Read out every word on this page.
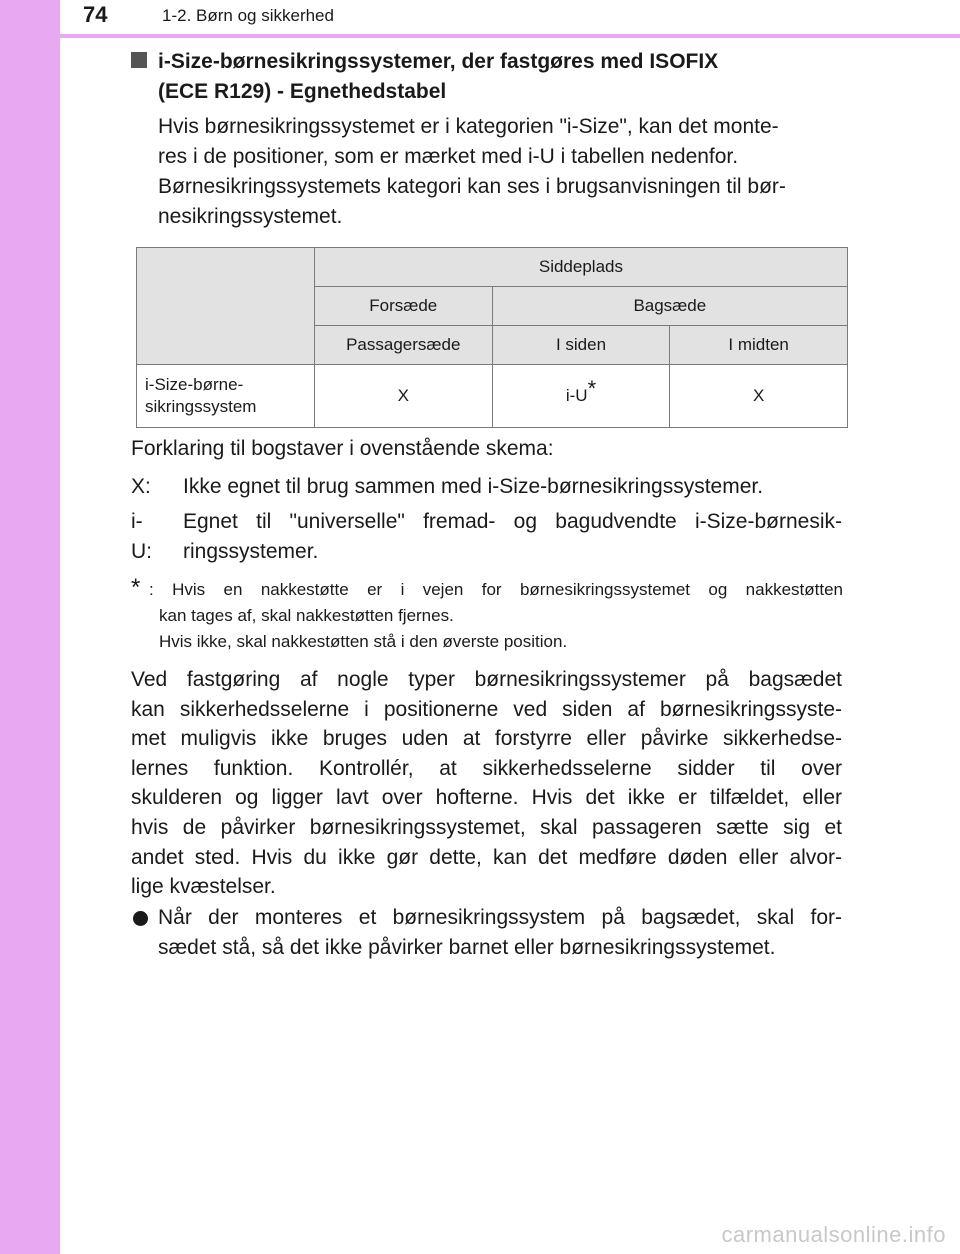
74	1-2. Børn og sikkerhed
i-Size-børnesikringssystemer, der fastgøres med ISOFIX
(ECE R129) - Egnethedstabel
Hvis børnesikringssystemet er i kategorien "i-Size", kan det monte-
res i de positioner, som er mærket med i-U i tabellen nedenfor.
Børnesikringssystemets kategori kan ses i brugsanvisningen til bør-
nesikringssystemet.
	Siddeplads		
	Forsæde	Bagsæde	
	Passagersæde	I siden	I midten

i-Size-børne-
sikringssystem	X	i-U*	X
Forklaring til bogstaver i ovenstående skema:
X: Ikke egnet til brug sammen med i-Size-børnesikringssystemer.
i-U:
Egnet til "universelle" fremad- og bagudvendte i-Size-børnesik-
ringssystemer.
* : Hvis en nakkestøtte er i vejen for børnesikringssystemet og nakkestøtten
kan tages af, skal nakkestøtten fjernes.
Hvis ikke, skal nakkestøtten stå i den øverste position.
Ved fastgøring af nogle typer børnesikringssystemer på bagsædet
kan sikkerhedsselerne i positionerne ved siden af børnesikringssyste-
met muligvis ikke bruges uden at forstyrre eller påvirke sikkerhedse-
lernes funktion. Kontrollér, at sikkerhedsselerne sidder til over
skulderen og ligger lavt over hofterne. Hvis det ikke er tilfældet, eller
hvis de påvirker børnesikringssystemet, skal passageren sætte sig et
andet sted. Hvis du ikke gør dette, kan det medføre døden eller alvor-
lige kvæstelser.
Når der monteres et børnesikringssystem på bagsædet, skal for-
sædet stå, så det ikke påvirker barnet eller børnesikringssystemet.
carmanualsonline.info
